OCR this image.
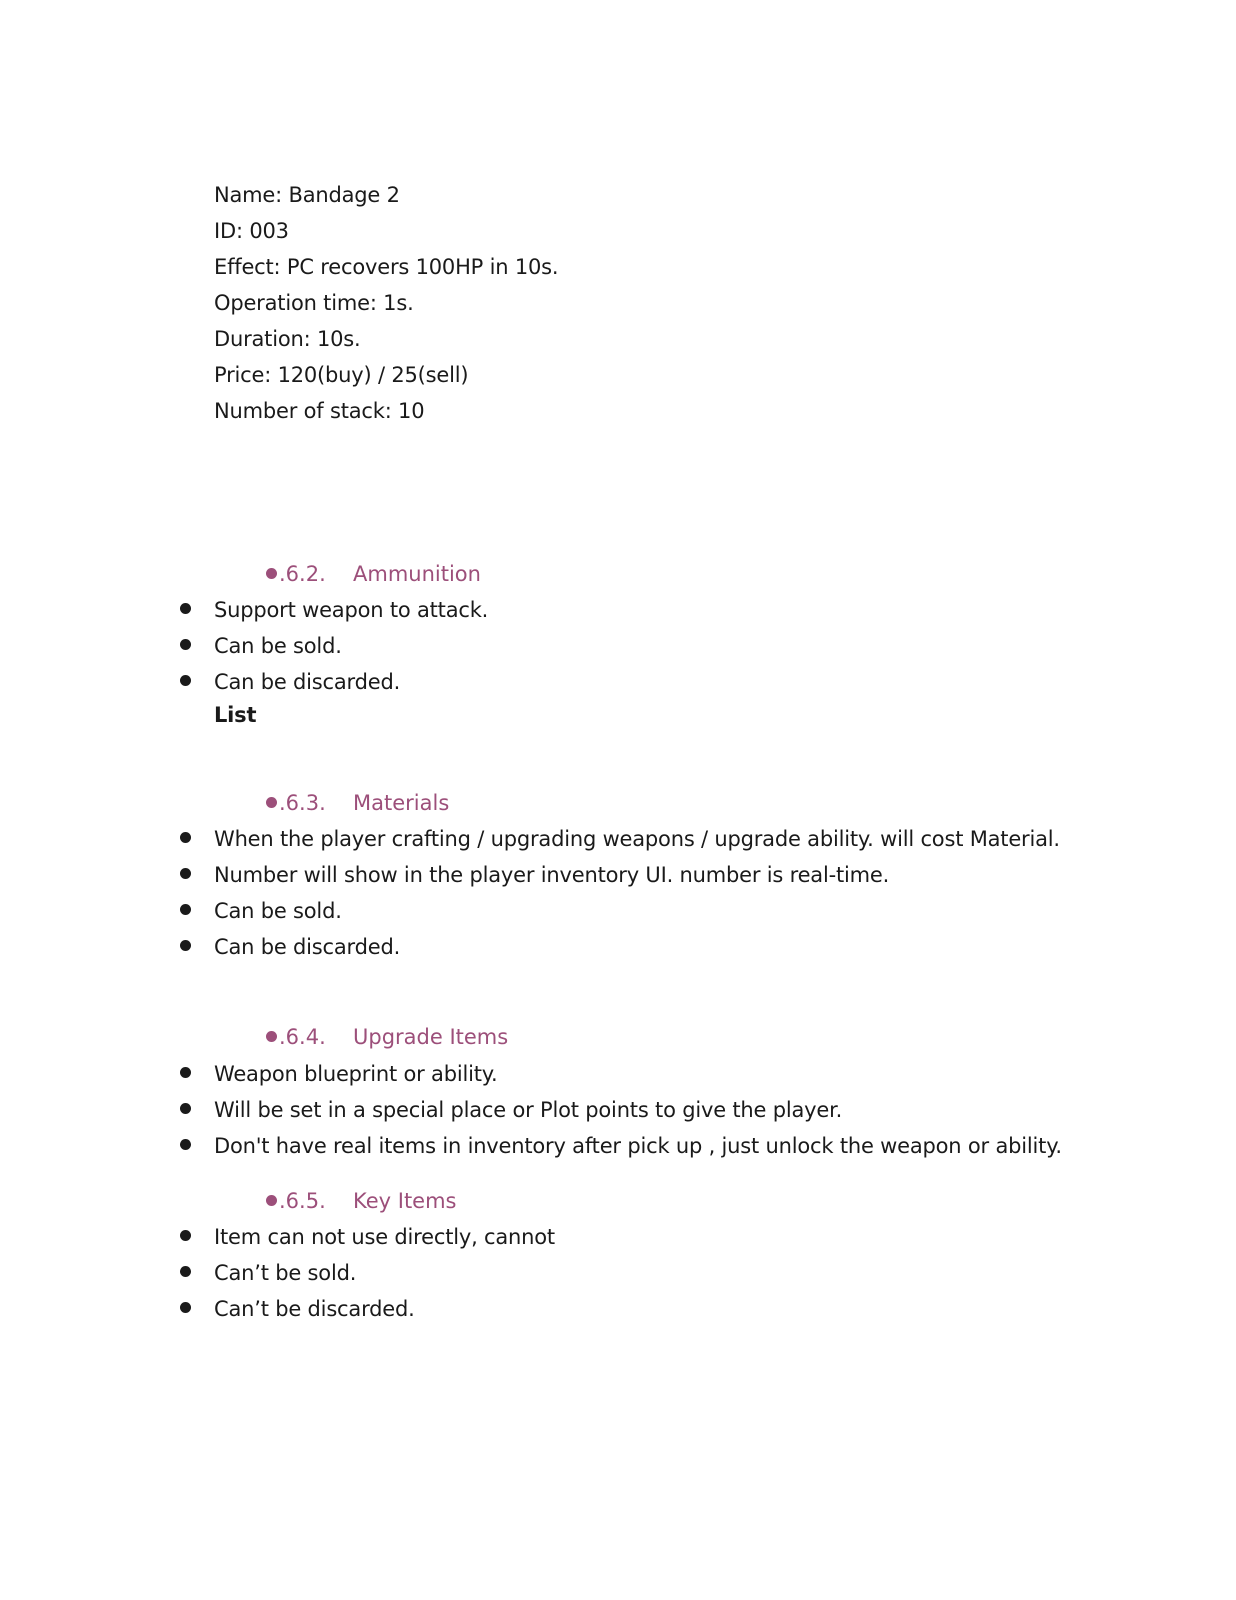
Name: Bandage 2
ID: 003
Effect: PC recovers 100HP in 10s.
Operation time: 1s.
Duration: 10s.
Price: 120(buy) / 25(sell)
Number of stack: 10
.6.2. Ammunition
Support weapon to attack.
Can be sold.
Can be discarded.
List
.6.3. Materials
When the player crafting / upgrading weapons / upgrade ability. will cost Material.
Number will show in the player inventory UI. number is real-time.
Can be sold.
Can be discarded.
.6.4. Upgrade Items
Weapon blueprint or ability.
Will be set in a special place or Plot points to give the player.
Don't have real items in inventory after pick up , just unlock the weapon or ability.
.6.5. Key Items
Item can not use directly, cannot
Can’t be sold.
Can’t be discarded.
